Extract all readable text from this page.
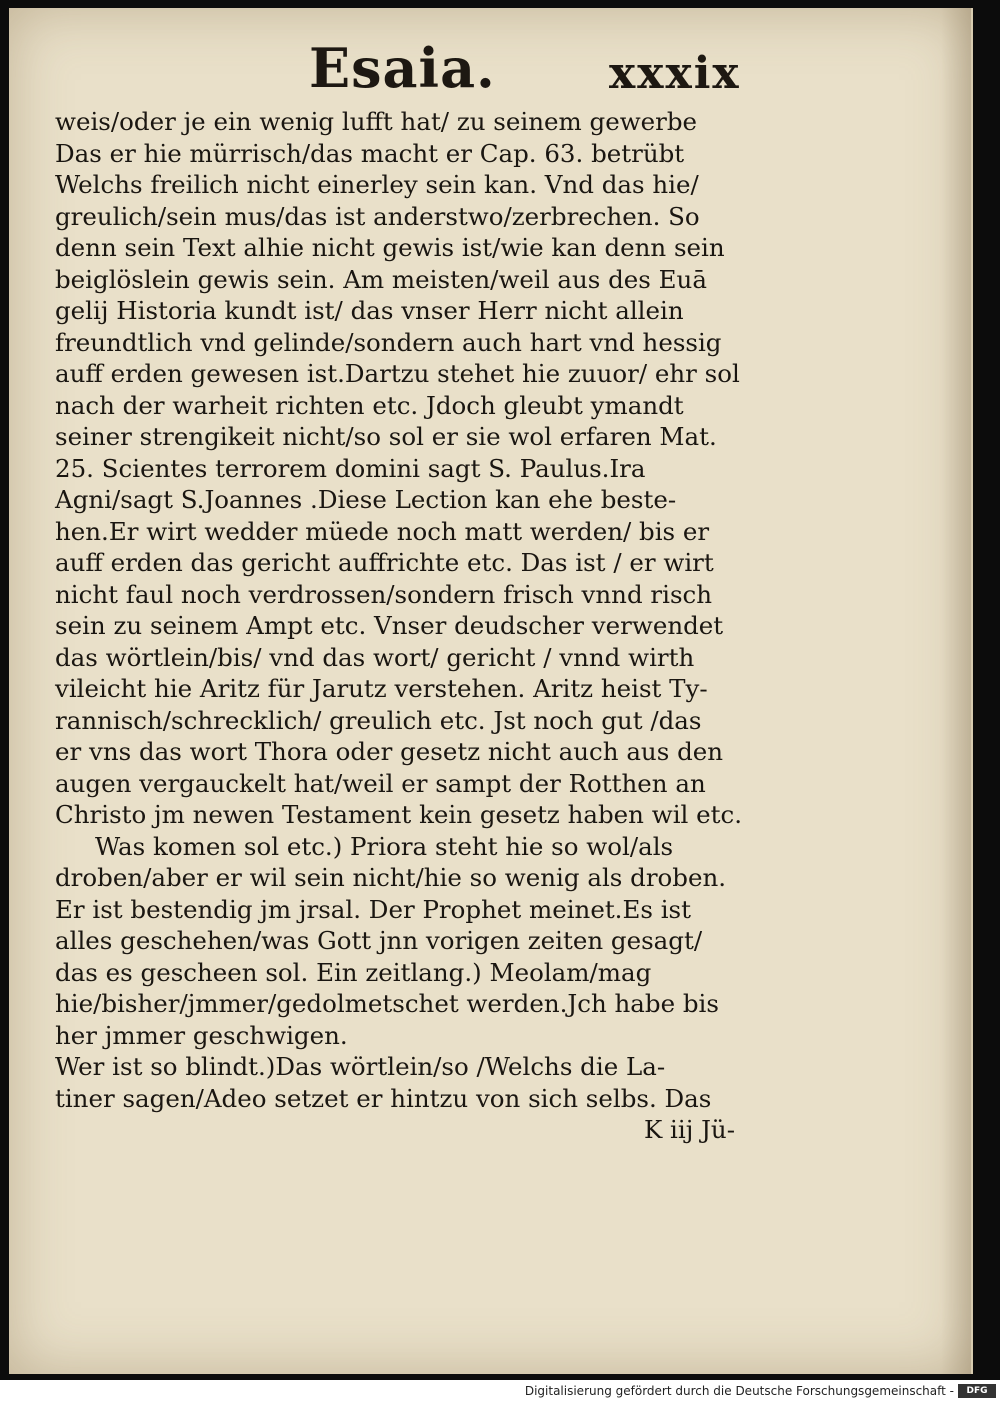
Esaia.	xxxix
weis/oder je ein wenig lufft hat/ zu seinem gewerbe
Das er hie mürrisch/das macht er Cap. 63. betrübt
Welchs freilich nicht einerley sein kan. Vnd das hie/
greulich/sein mus/das ist anderstwo/zerbrechen. So
denn sein Text alhie nicht gewis ist/wie kan denn sein
beiglöslein gewis sein. Am meisten/weil aus des Euā
gelij Historia kundt ist/ das vnser Herr nicht allein
freundtlich vnd gelinde/sondern auch hart vnd hessig
auff erden gewesen ist.Dartzu stehet hie zuuor/ ehr sol
nach der warheit richten etc. Jdoch gleubt ymandt
seiner strengikeit nicht/so sol er sie wol erfaren Mat.
25. Scientes terrorem domini sagt S. Paulus.Ira
Agni/sagt S.Joannes .Diese Lection kan ehe beste-
hen.Er wirt wedder müede noch matt werden/ bis er
auff erden das gericht auffrichte etc. Das ist / er wirt
nicht faul noch verdrossen/sondern frisch vnnd risch
sein zu seinem Ampt etc. Vnser deudscher verwendet
das wörtlein/bis/ vnd das wort/ gericht / vnnd wirth
vileicht hie Aritz für Jarutz verstehen. Aritz heist Ty-
rannisch/schrecklich/ greulich etc. Jst noch gut /das
er vns das wort Thora oder gesetz nicht auch aus den
augen vergauckelt hat/weil er sampt der Rotthen an
Christo jm newen Testament kein gesetz haben wil etc.
Was komen sol etc.) Priora steht hie so wol/als
droben/aber er wil sein nicht/hie so wenig als droben.
Er ist bestendig jm jrsal. Der Prophet meinet.Es ist
alles geschehen/was Gott jnn vorigen zeiten gesagt/
das es gescheen sol. Ein zeitlang.) Meolam/mag
hie/bisher/jmmer/gedolmetschet werden.Jch habe bis
her jmmer geschwigen.
Wer ist so blindt.)Das wörtlein/so /Welchs die La-
tiner sagen/Adeo setzet er hintzu von sich selbs. Das
K iij Jü-
Digitalisierung gefördert durch die Deutsche Forschungsgemeinschaft -	DFG
